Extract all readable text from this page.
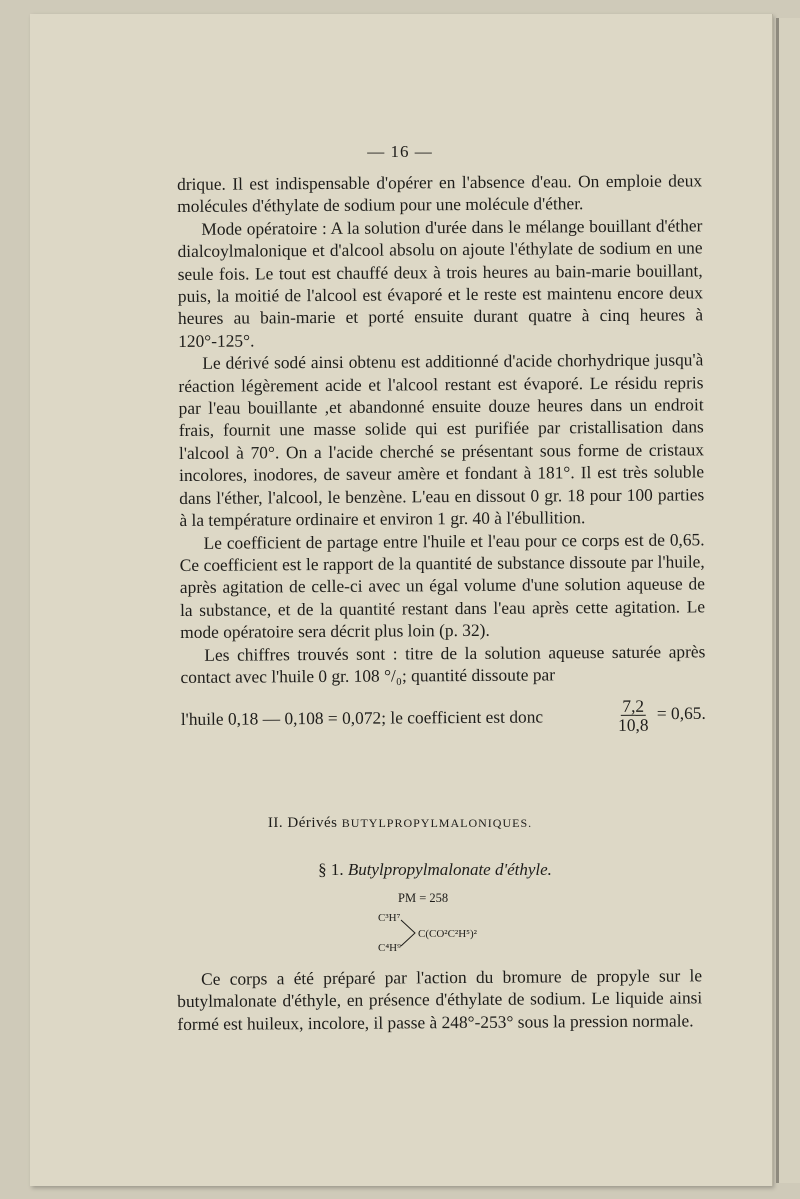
— 16 —

drique. Il est indispensable d'opérer en l'absence d'eau. On emploie deux molécules d'éthylate de sodium pour une molécule d'éther.

Mode opératoire : A la solution d'urée dans le mélange bouillant d'éther dialcoylmalonique et d'alcool absolu on ajoute l'éthylate de sodium en une seule fois. Le tout est chauffé deux à trois heures au bain-marie bouillant, puis, la moitié de l'alcool est évaporé et le reste est maintenu encore deux heures au bain-marie et porté ensuite durant quatre à cinq heures à 120°-125°.

Le dérivé sodé ainsi obtenu est additionné d'acide chorhydrique jusqu'à réaction légèrement acide et l'alcool restant est évaporé. Le résidu repris par l'eau bouillante ,et abandonné ensuite douze heures dans un endroit frais, fournit une masse solide qui est purifiée par cristallisation dans l'alcool à 70°. On a l'acide cherché se présentant sous forme de cristaux incolores, inodores, de saveur amère et fondant à 181°. Il est très soluble dans l'éther, l'alcool, le benzène. L'eau en dissout 0 gr. 18 pour 100 parties à la température ordinaire et environ 1 gr. 40 à l'ébullition.

Le coefficient de partage entre l'huile et l'eau pour ce corps est de 0,65. Ce coefficient est le rapport de la quantité de substance dissoute par l'huile, après agitation de celle-ci avec un égal volume d'une solution aqueuse de la substance, et de la quantité restant dans l'eau après cette agitation. Le mode opératoire sera décrit plus loin (p. 32).

Les chiffres trouvés sont : titre de la solution aqueuse saturée après contact avec l'huile 0 gr. 108 °/₀; quantité dissoute par

l'huile 0,18 — 0,108 = 0,072; le coefficient est donc	$\frac{7,2}{10,8} = 0,65$.
II. Dérivés BUTYLPROPYLMALONIQUES.
§ 1. Butylpropylmalonate d'éthyle.
PM = 258
C³H⁷
C(CO²C²H⁵)²
C⁴H⁹

Ce corps a été préparé par l'action du bromure de propyle sur le butylmalonate d'éthyle, en présence d'éthylate de sodium. Le liquide ainsi formé est huileux, incolore, il passe à 248°-253° sous la pression normale.
